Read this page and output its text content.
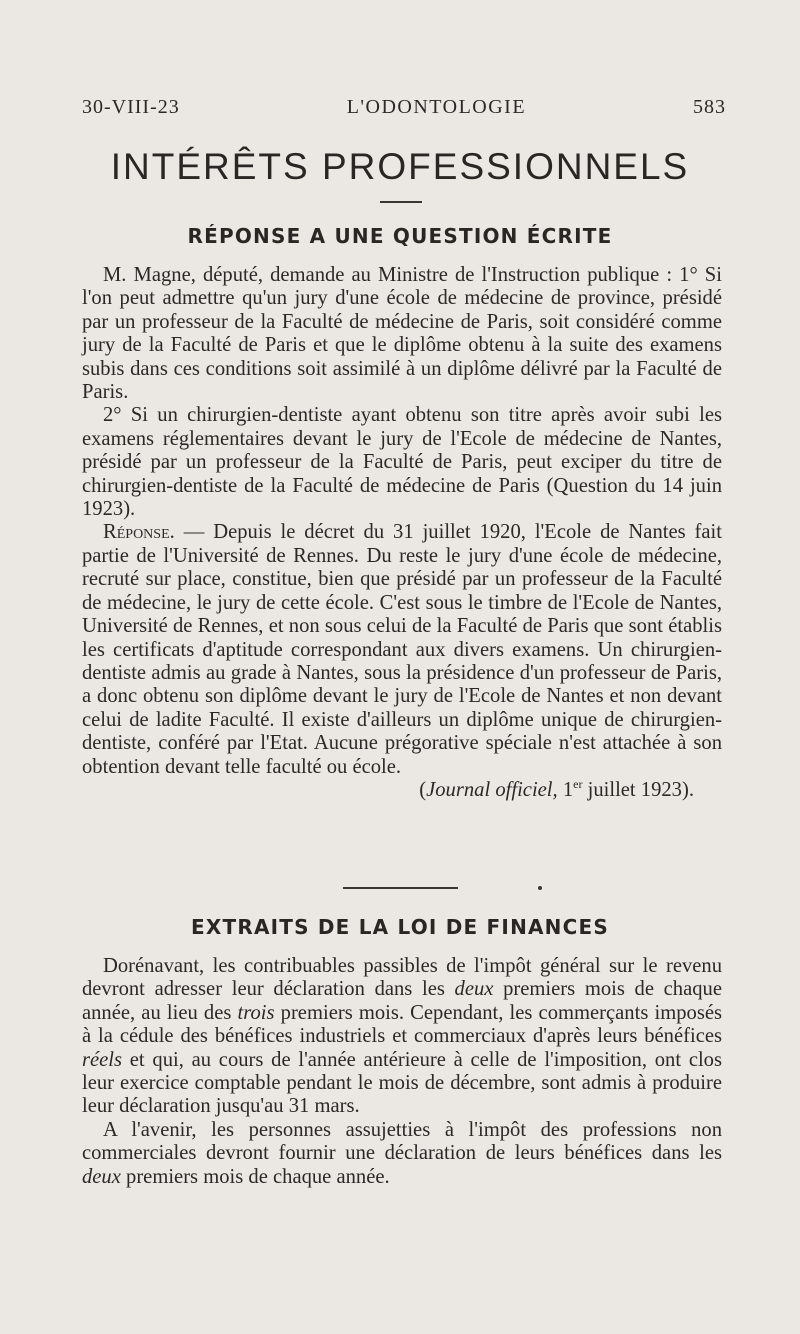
30-VIII-23	L'ODONTOLOGIE	583
INTÉRÊTS PROFESSIONNELS
RÉPONSE A UNE QUESTION ÉCRITE

M. Magne, député, demande au Ministre de l'Instruction publique : 1° Si l'on peut admettre qu'un jury d'une école de médecine de province, présidé par un professeur de la Faculté de médecine de Paris, soit considéré comme jury de la Faculté de Paris et que le diplôme obtenu à la suite des examens subis dans ces conditions soit assimilé à un diplôme délivré par la Faculté de Paris.

2° Si un chirurgien-dentiste ayant obtenu son titre après avoir subi les examens réglementaires devant le jury de l'Ecole de médecine de Nantes, présidé par un professeur de la Faculté de Paris, peut exciper du titre de chirurgien-dentiste de la Faculté de médecine de Paris (Question du 14 juin 1923).

Réponse. — Depuis le décret du 31 juillet 1920, l'Ecole de Nantes fait partie de l'Université de Rennes. Du reste le jury d'une école de médecine, recruté sur place, constitue, bien que présidé par un professeur de la Faculté de médecine, le jury de cette école. C'est sous le timbre de l'Ecole de Nantes, Université de Rennes, et non sous celui de la Faculté de Paris que sont établis les certificats d'aptitude correspondant aux divers examens. Un chirurgien-dentiste admis au grade à Nantes, sous la présidence d'un professeur de Paris, a donc obtenu son diplôme devant le jury de l'Ecole de Nantes et non devant celui de ladite Faculté. Il existe d'ailleurs un diplôme unique de chirurgien-dentiste, conféré par l'Etat. Aucune prégorative spéciale n'est attachée à son obtention devant telle faculté ou école.

(Journal officiel, 1er juillet 1923).

EXTRAITS DE LA LOI DE FINANCES

Dorénavant, les contribuables passibles de l'impôt général sur le revenu devront adresser leur déclaration dans les deux premiers mois de chaque année, au lieu des trois premiers mois. Cependant, les commerçants imposés à la cédule des bénéfices industriels et commerciaux d'après leurs bénéfices réels et qui, au cours de l'année antérieure à celle de l'imposition, ont clos leur exercice comptable pendant le mois de décembre, sont admis à produire leur déclaration jusqu'au 31 mars.

A l'avenir, les personnes assujetties à l'impôt des professions non commerciales devront fournir une déclaration de leurs bénéfices dans les deux premiers mois de chaque année.
